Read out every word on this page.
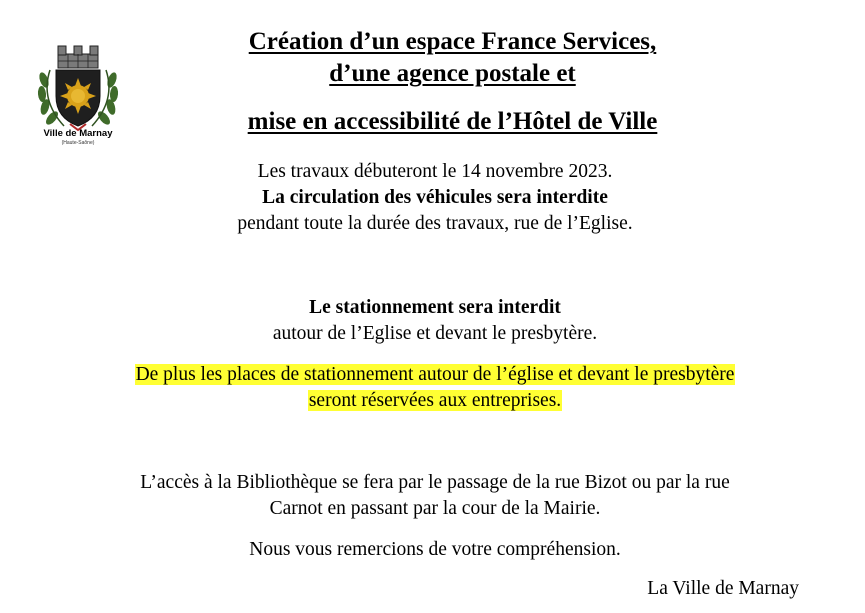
Ville de Marnay
(Haute-Saône)
Création d’un espace France Services,
d’une agence postale et
mise en accessibilité de l’Hôtel de Ville
Les travaux débuteront le 14 novembre 2023.
La circulation des véhicules sera interdite
pendant toute la durée des travaux, rue de l’Eglise.
Le stationnement sera interdit
autour de l’Eglise et devant le presbytère.
De plus les places de stationnement autour de l’église et devant le presbytère
seront réservées aux entreprises.
L’accès à la Bibliothèque se fera par le passage de la rue Bizot ou par la rue
Carnot en passant par la cour de la Mairie.
Nous vous remercions de votre compréhension.
La Ville de Marnay
